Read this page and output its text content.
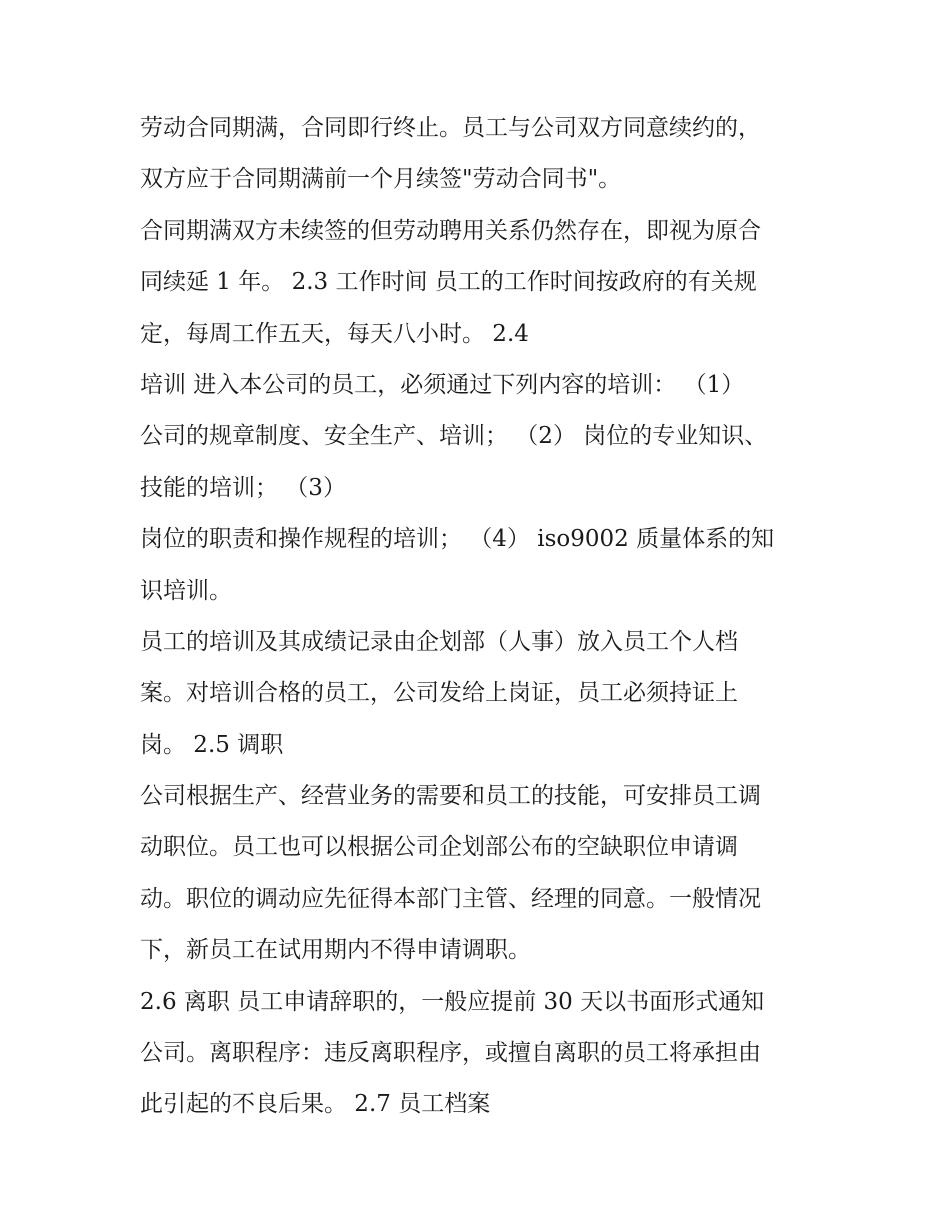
劳动合同期满，合同即行终止。员工与公司双方同意续约的，

双方应于合同期满前一个月续签"劳动合同书"。

合同期满双方未续签的但劳动聘用关系仍然存在，即视为原合

同续延 1 年。 2.3 工作时间 员工的工作时间按政府的有关规

定，每周工作五天，每天八小时。 2.4

培训 进入本公司的员工，必须通过下列内容的培训： （1）

公司的规章制度、安全生产、培训； （2） 岗位的专业知识、

技能的培训； （3）

岗位的职责和操作规程的培训； （4） iso9002 质量体系的知

识培训。

员工的培训及其成绩记录由企划部（人事）放入员工个人档

案。对培训合格的员工，公司发给上岗证，员工必须持证上

岗。 2.5 调职

公司根据生产、经营业务的需要和员工的技能，可安排员工调

动职位。员工也可以根据公司企划部公布的空缺职位申请调

动。职位的调动应先征得本部门主管、经理的同意。一般情况

下，新员工在试用期内不得申请调职。

2.6 离职 员工申请辞职的，一般应提前 30 天以书面形式通知

公司。离职程序：违反离职程序，或擅自离职的员工将承担由

此引起的不良后果。 2.7 员工档案
